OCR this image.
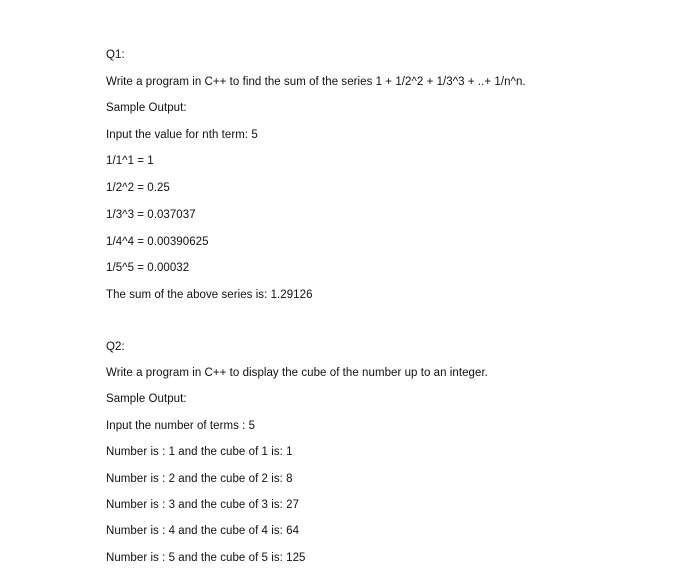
Q1:
Write a program in C++ to find the sum of the series 1 + 1/2^2 + 1/3^3 + ..+ 1/n^n.
Sample Output:
Input the value for nth term: 5
1/1^1 = 1
1/2^2 = 0.25
1/3^3 = 0.037037
1/4^4 = 0.00390625
1/5^5 = 0.00032
The sum of the above series is: 1.29126
Q2:
Write a program in C++ to display the cube of the number up to an integer.
Sample Output:
Input the number of terms : 5
Number is : 1 and the cube of 1 is: 1
Number is : 2 and the cube of 2 is: 8
Number is : 3 and the cube of 3 is: 27
Number is : 4 and the cube of 4 is: 64
Number is : 5 and the cube of 5 is: 125
